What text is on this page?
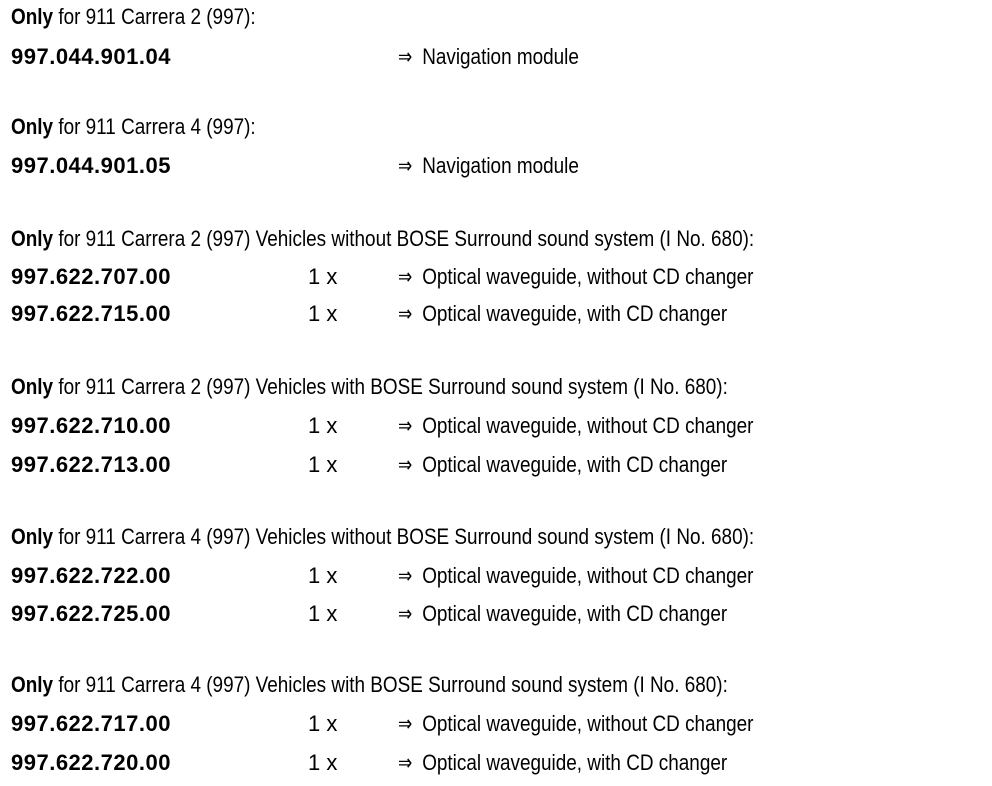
Only for 911 Carrera 2 (997):
997.044.901.04	⇒ Navigation module
Only for 911 Carrera 4 (997):
997.044.901.05	⇒ Navigation module
Only for 911 Carrera 2 (997) Vehicles without BOSE Surround sound system (I No. 680):
997.622.707.00	1 x	⇒ Optical waveguide, without CD changer
997.622.715.00	1 x	⇒ Optical waveguide, with CD changer
Only for 911 Carrera 2 (997) Vehicles with BOSE Surround sound system (I No. 680):
997.622.710.00	1 x	⇒ Optical waveguide, without CD changer
997.622.713.00	1 x	⇒ Optical waveguide, with CD changer
Only for 911 Carrera 4 (997) Vehicles without BOSE Surround sound system (I No. 680):
997.622.722.00	1 x	⇒ Optical waveguide, without CD changer
997.622.725.00	1 x	⇒ Optical waveguide, with CD changer
Only for 911 Carrera 4 (997) Vehicles with BOSE Surround sound system (I No. 680):
997.622.717.00	1 x	⇒ Optical waveguide, without CD changer
997.622.720.00	1 x	⇒ Optical waveguide, with CD changer
